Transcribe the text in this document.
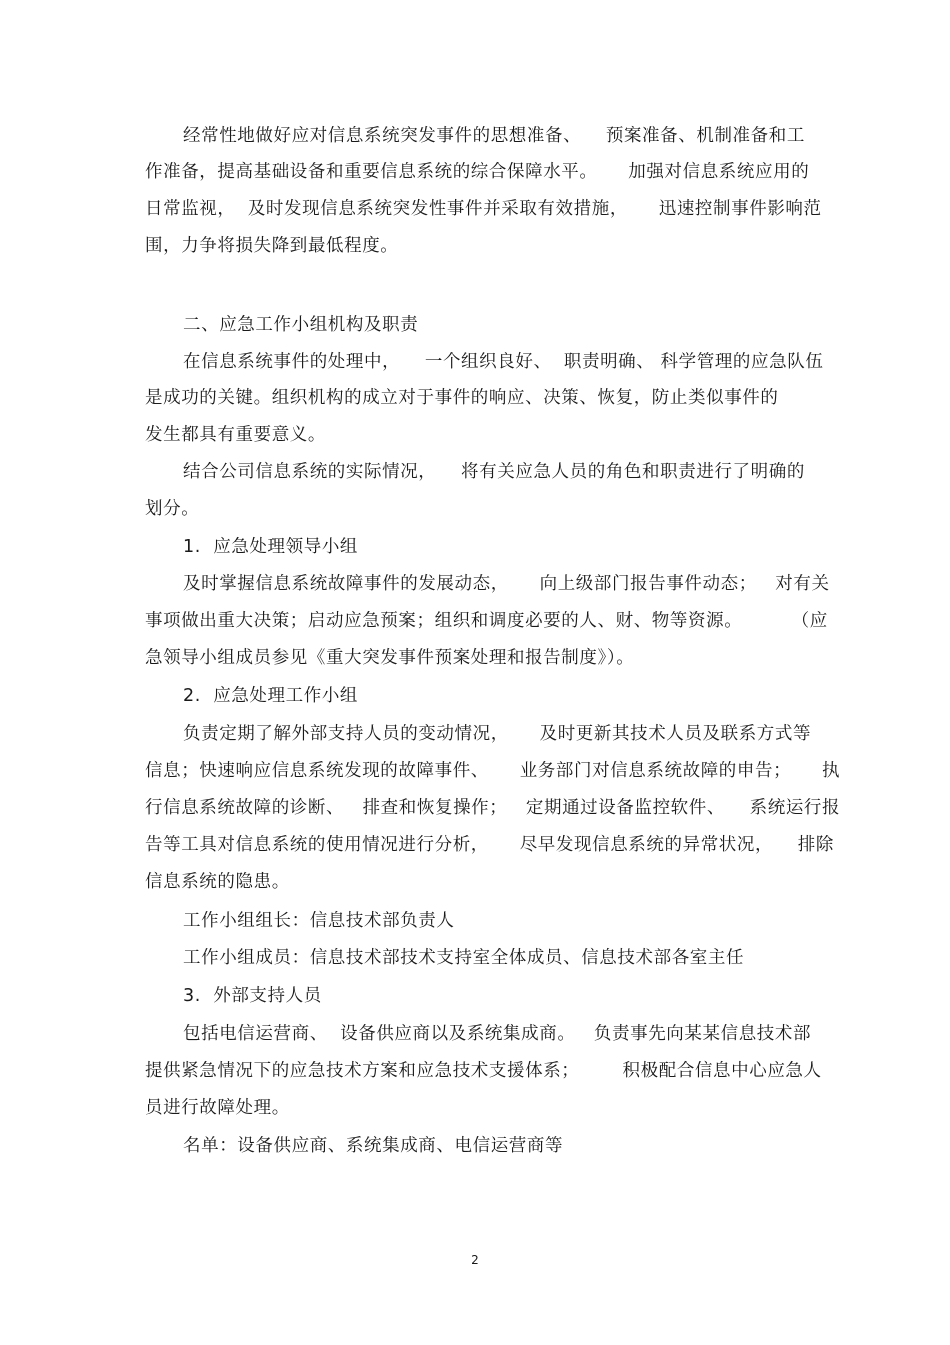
经常性地做好应对信息系统突发事件的思想准备、    预案准备、机制准备和工
作准备，提高基础设备和重要信息系统的综合保障水平。     加强对信息系统应用的
日常监视，  及时发现信息系统突发性事件并采取有效措施，     迅速控制事件影响范
围，力争将损失降到最低程度。
二、应急工作小组机构及职责
在信息系统事件的处理中，    一个组织良好、  职责明确、 科学管理的应急队伍
是成功的关键。组织机构的成立对于事件的响应、决策、恢复，防止类似事件的
发生都具有重要意义。
结合公司信息系统的实际情况，    将有关应急人员的角色和职责进行了明确的
划分。
1.  应急处理领导小组
及时掌握信息系统故障事件的发展动态，     向上级部门报告事件动态；   对有关
事项做出重大决策；启动应急预案；组织和调度必要的人、财、物等资源。        （应
急领导小组成员参见《重大突发事件预案处理和报告制度》）。
2.  应急处理工作小组
负责定期了解外部支持人员的变动情况，     及时更新其技术人员及联系方式等
信息；快速响应信息系统发现的故障事件、     业务部门对信息系统故障的申告；     执
行信息系统故障的诊断、   排查和恢复操作；   定期通过设备监控软件、    系统运行报
告等工具对信息系统的使用情况进行分析，     尽早发现信息系统的异常状况，    排除
信息系统的隐患。
工作小组组长：信息技术部负责人
工作小组成员：信息技术部技术支持室全体成员、信息技术部各室主任
3.  外部支持人员
包括电信运营商、  设备供应商以及系统集成商。   负责事先向某某信息技术部
提供紧急情况下的应急技术方案和应急技术支援体系；       积极配合信息中心应急人
员进行故障处理。
名单：设备供应商、系统集成商、电信运营商等
2
